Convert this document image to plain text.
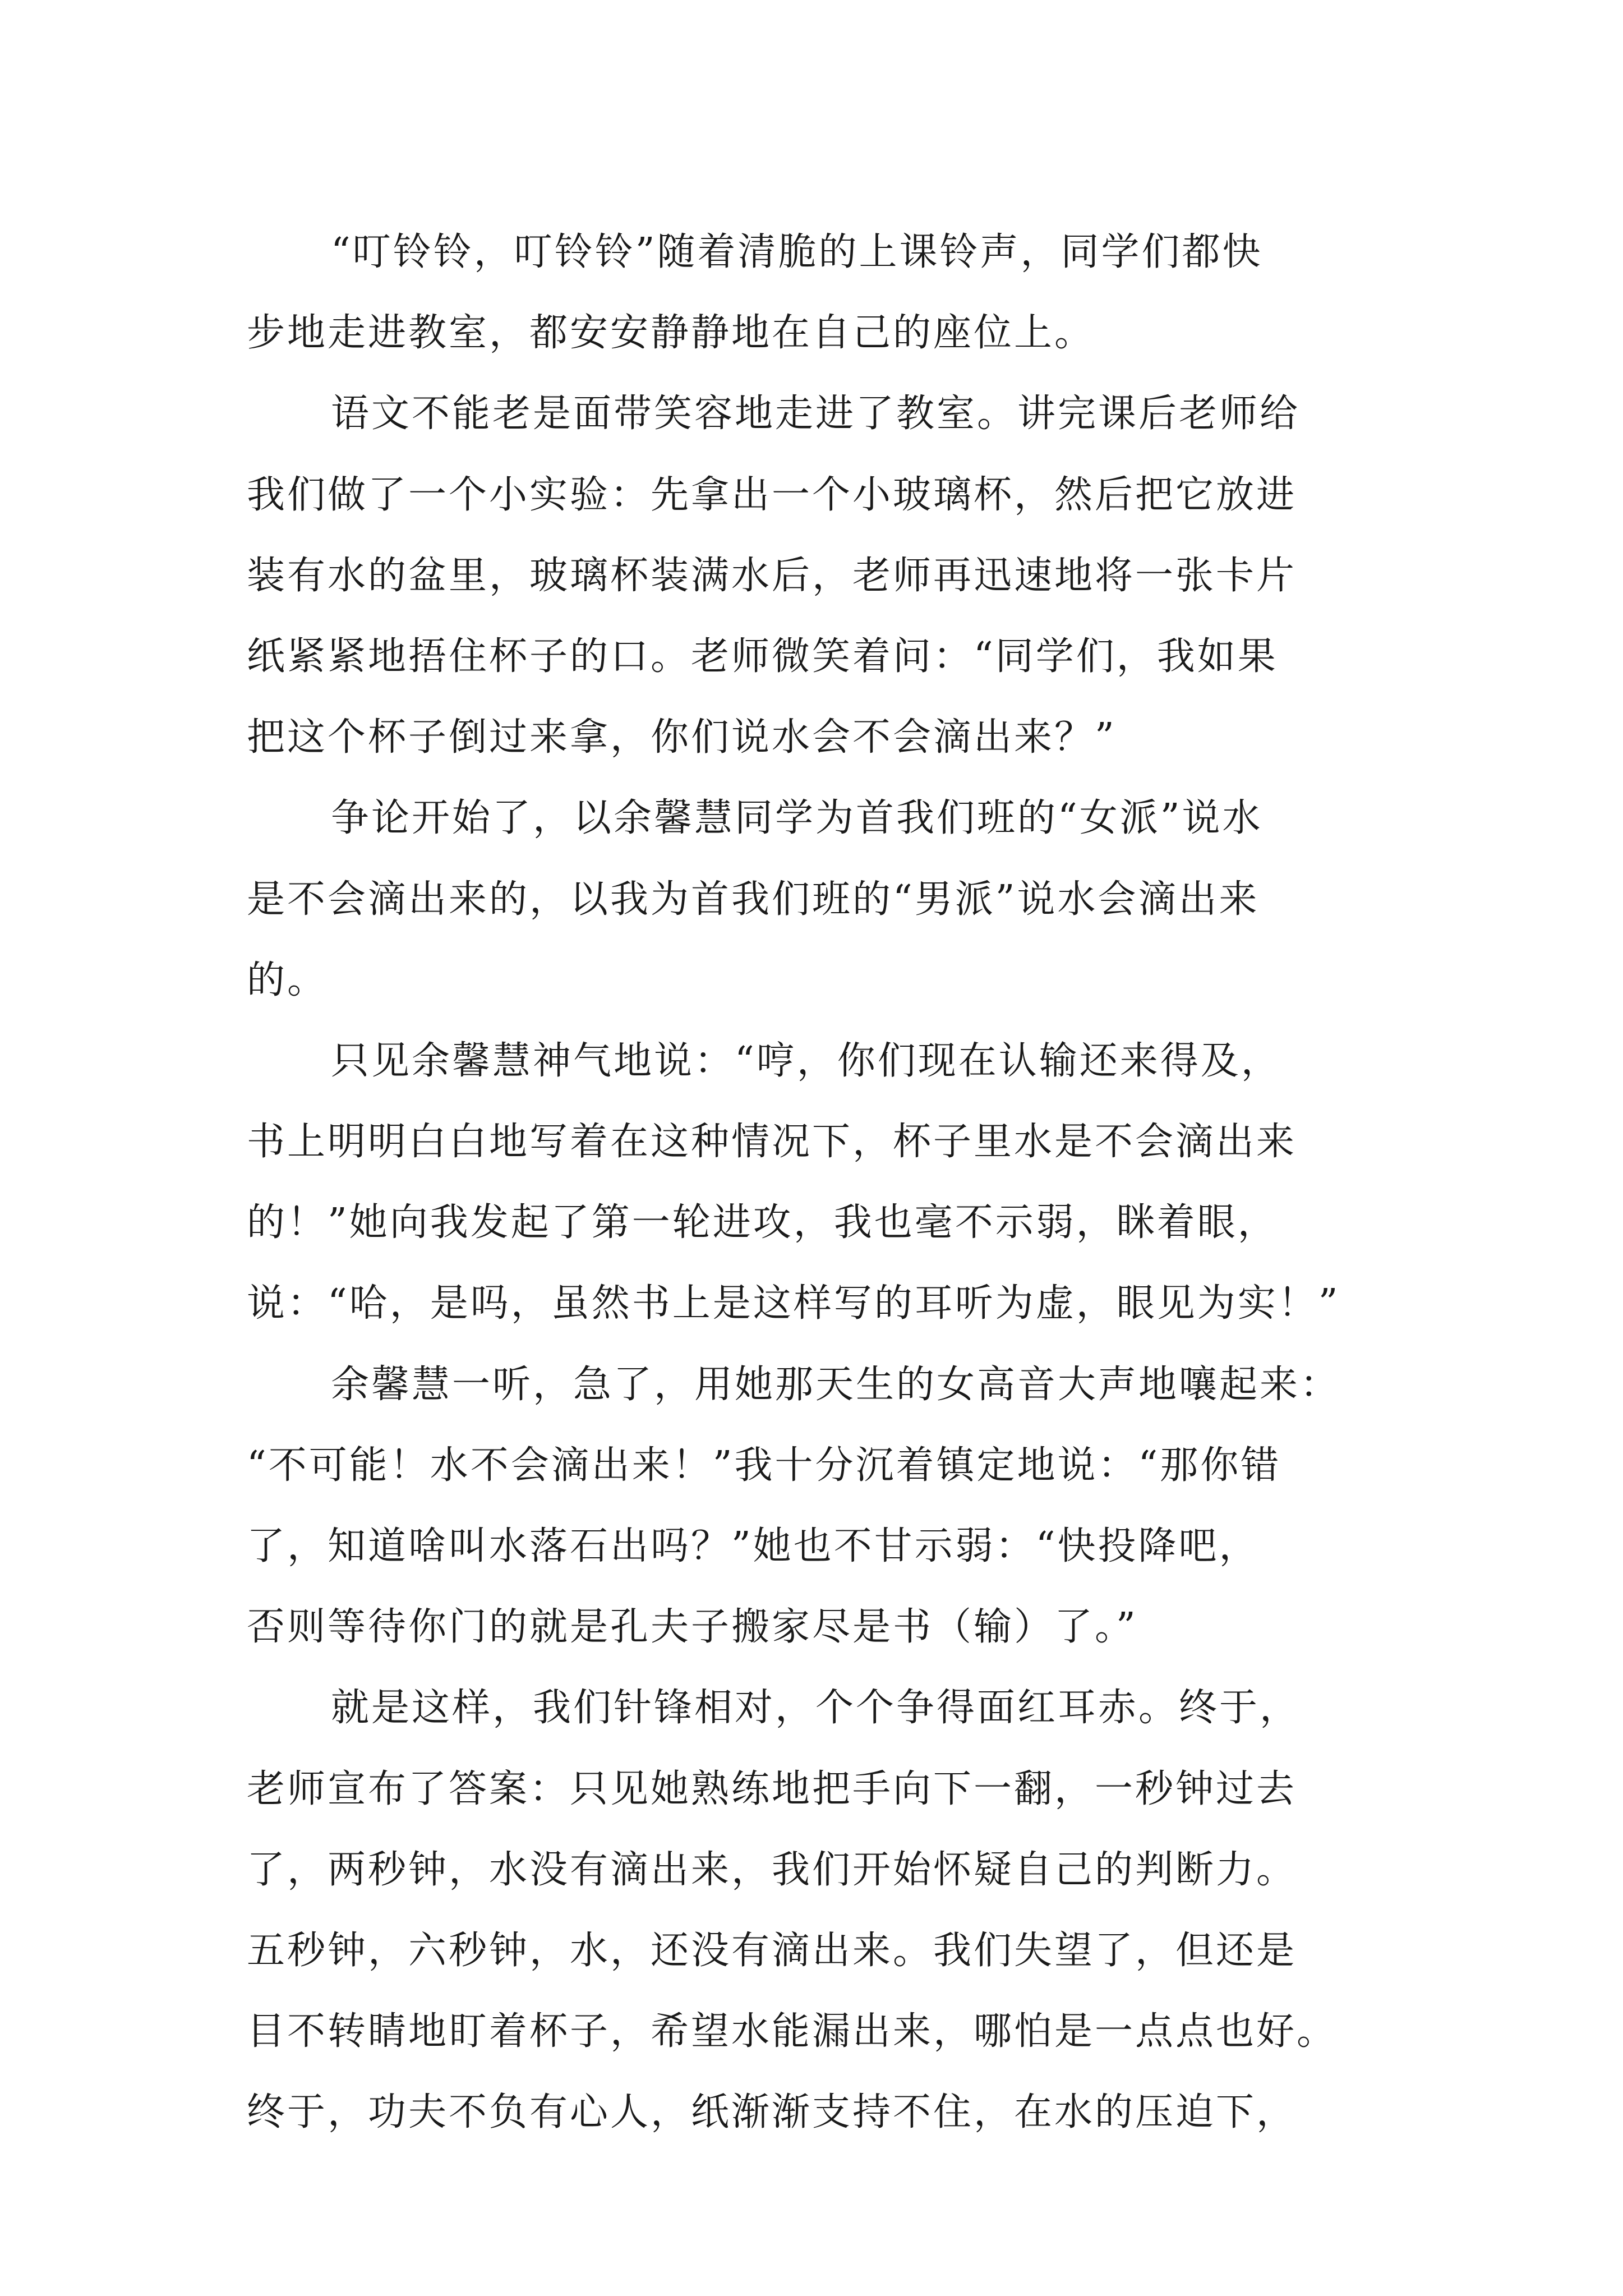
“叮铃铃，叮铃铃”随着清脆的上课铃声，同学们都快
步地走进教室，都安安静静地在自己的座位上。
语文不能老是面带笑容地走进了教室。讲完课后老师给
我们做了一个小实验：先拿出一个小玻璃杯，然后把它放进
装有水的盆里，玻璃杯装满水后，老师再迅速地将一张卡片
纸紧紧地捂住杯子的口。老师微笑着问：“同学们，我如果
把这个杯子倒过来拿，你们说水会不会滴出来？”
争论开始了，以余馨慧同学为首我们班的“女派”说水
是不会滴出来的，以我为首我们班的“男派”说水会滴出来
的。
只见余馨慧神气地说：“哼，你们现在认输还来得及，
书上明明白白地写着在这种情况下，杯子里水是不会滴出来
的！”她向我发起了第一轮进攻，我也毫不示弱，眯着眼，
说：“哈，是吗，虽然书上是这样写的耳听为虚，眼见为实！”
余馨慧一听，急了，用她那天生的女高音大声地嚷起来：
“不可能！水不会滴出来！”我十分沉着镇定地说：“那你错
了，知道啥叫水落石出吗？”她也不甘示弱：“快投降吧，
否则等待你门的就是孔夫子搬家尽是书（输）了。”
就是这样，我们针锋相对，个个争得面红耳赤。终于，
老师宣布了答案：只见她熟练地把手向下一翻，一秒钟过去
了，两秒钟，水没有滴出来，我们开始怀疑自己的判断力。
五秒钟，六秒钟，水，还没有滴出来。我们失望了，但还是
目不转睛地盯着杯子，希望水能漏出来，哪怕是一点点也好。
终于，功夫不负有心人，纸渐渐支持不住，在水的压迫下，
